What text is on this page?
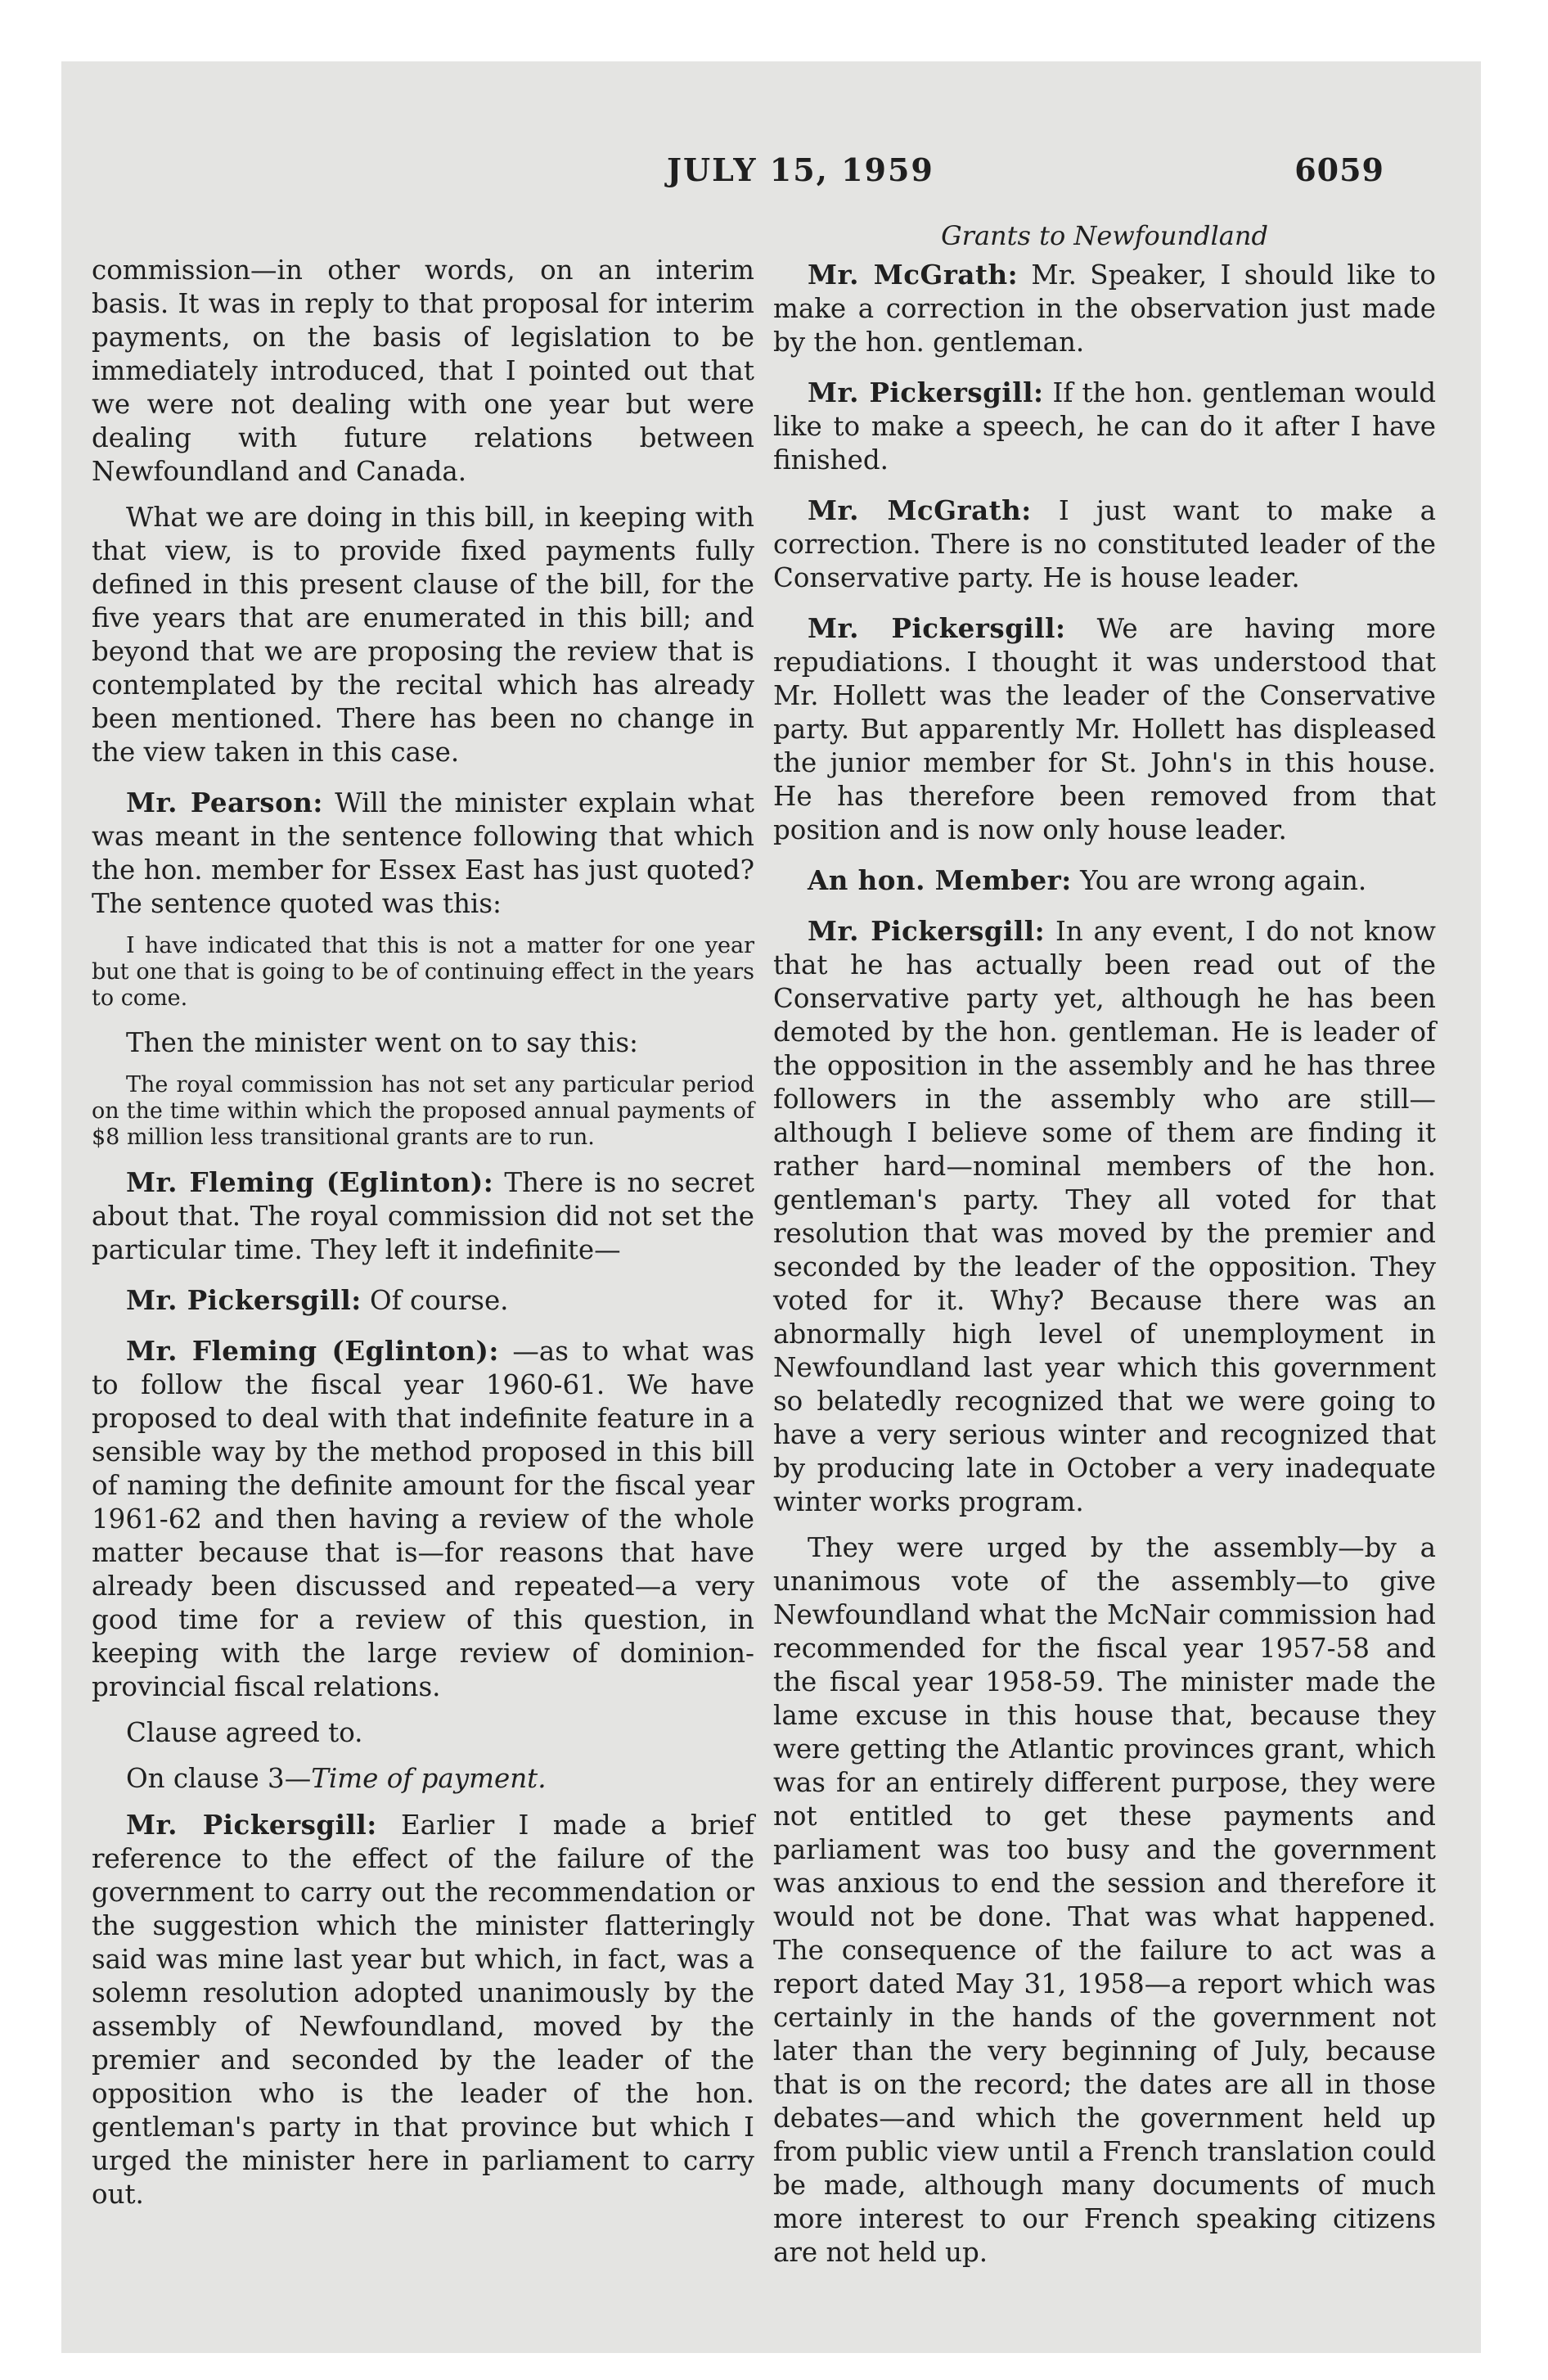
JULY 15, 1959	6059

commission—in other words, on an interim basis. It was in reply to that proposal for interim payments, on the basis of legislation to be immediately introduced, that I pointed out that we were not dealing with one year but were dealing with future relations between Newfoundland and Canada.

What we are doing in this bill, in keeping with that view, is to provide fixed payments fully defined in this present clause of the bill, for the five years that are enumerated in this bill; and beyond that we are proposing the review that is contemplated by the recital which has already been mentioned. There has been no change in the view taken in this case.

Mr. Pearson: Will the minister explain what was meant in the sentence following that which the hon. member for Essex East has just quoted? The sentence quoted was this:

I have indicated that this is not a matter for one year but one that is going to be of continuing effect in the years to come.

Then the minister went on to say this:

The royal commission has not set any particular period on the time within which the proposed annual payments of $8 million less transitional grants are to run.

Mr. Fleming (Eglinton): There is no secret about that. The royal commission did not set the particular time. They left it indefinite—

Mr. Pickersgill: Of course.

Mr. Fleming (Eglinton): —as to what was to follow the fiscal year 1960-61. We have proposed to deal with that indefinite feature in a sensible way by the method proposed in this bill of naming the definite amount for the fiscal year 1961-62 and then having a review of the whole matter because that is—for reasons that have already been discussed and repeated—a very good time for a review of this question, in keeping with the large review of dominion-provincial fiscal relations.

Clause agreed to.

On clause 3—Time of payment.

Mr. Pickersgill: Earlier I made a brief reference to the effect of the failure of the government to carry out the recommendation or the suggestion which the minister flatteringly said was mine last year but which, in fact, was a solemn resolution adopted unanimously by the assembly of Newfoundland, moved by the premier and seconded by the leader of the opposition who is the leader of the hon. gentleman's party in that province but which I urged the minister here in parliament to carry out.

Grants to Newfoundland

Mr. McGrath: Mr. Speaker, I should like to make a correction in the observation just made by the hon. gentleman.

Mr. Pickersgill: If the hon. gentleman would like to make a speech, he can do it after I have finished.

Mr. McGrath: I just want to make a correction. There is no constituted leader of the Conservative party. He is house leader.

Mr. Pickersgill: We are having more repudiations. I thought it was understood that Mr. Hollett was the leader of the Conservative party. But apparently Mr. Hollett has displeased the junior member for St. John's in this house. He has therefore been removed from that position and is now only house leader.

An hon. Member: You are wrong again.

Mr. Pickersgill: In any event, I do not know that he has actually been read out of the Conservative party yet, although he has been demoted by the hon. gentleman. He is leader of the opposition in the assembly and he has three followers in the assembly who are still—although I believe some of them are finding it rather hard—nominal members of the hon. gentleman's party. They all voted for that resolution that was moved by the premier and seconded by the leader of the opposition. They voted for it. Why? Because there was an abnormally high level of unemployment in Newfoundland last year which this government so belatedly recognized that we were going to have a very serious winter and recognized that by producing late in October a very inadequate winter works program.

They were urged by the assembly—by a unanimous vote of the assembly—to give Newfoundland what the McNair commission had recommended for the fiscal year 1957-58 and the fiscal year 1958-59. The minister made the lame excuse in this house that, because they were getting the Atlantic provinces grant, which was for an entirely different purpose, they were not entitled to get these payments and parliament was too busy and the government was anxious to end the session and therefore it would not be done. That was what happened. The consequence of the failure to act was a report dated May 31, 1958—a report which was certainly in the hands of the government not later than the very beginning of July, because that is on the record; the dates are all in those debates—and which the government held up from public view until a French translation could be made, although many documents of much more interest to our French speaking citizens are not held up.
